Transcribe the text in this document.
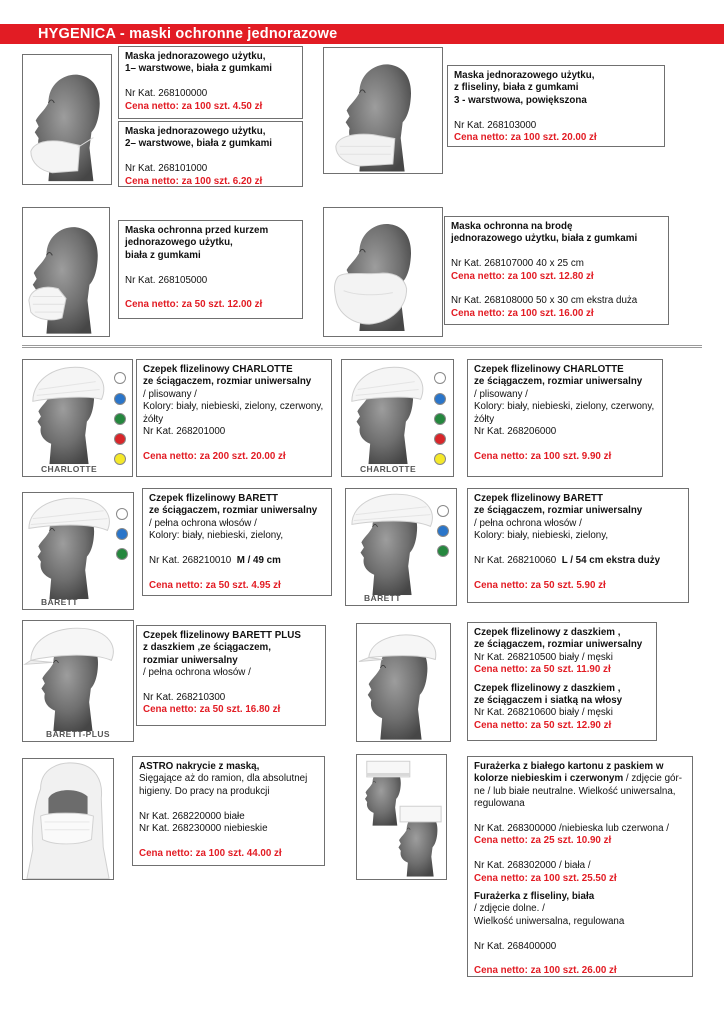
HYGENICA - maski ochronne jednorazowe
Maska jednorazowego użytku,
1– warstwowe, biała z gumkami
Nr Kat. 268100000
Cena netto: za 100 szt. 4.50 zł
Maska jednorazowego użytku,
2– warstwowe, biała z gumkami
Nr Kat. 268101000
Cena netto: za 100 szt. 6.20 zł
Maska jednorazowego użytku,
z fliseliny, biała z gumkami
3 - warstwowa, powiększona
Nr Kat. 268103000
Cena netto: za 100 szt. 20.00 zł
Maska ochronna przed kurzem
jednorazowego użytku,
biała z gumkami
Nr Kat. 268105000
Cena netto: za 50 szt. 12.00 zł
Maska ochronna na brodę
jednorazowego użytku, biała z gumkami
Nr Kat. 268107000 40 x 25 cm
Cena netto: za 100 szt. 12.80 zł
Nr Kat. 268108000 50 x 30 cm ekstra duża
Cena netto: za 100 szt. 16.00 zł
CHARLOTTE
Czepek flizelinowy CHARLOTTE
ze ściągaczem, rozmiar uniwersalny
/ plisowany /
Kolory: biały, niebieski, zielony, czerwony,
żółty
Nr Kat. 268201000
Cena netto: za 200 szt. 20.00 zł
CHARLOTTE
Czepek flizelinowy CHARLOTTE
ze ściągaczem, rozmiar uniwersalny
/ plisowany /
Kolory: biały, niebieski, zielony, czerwony,
żółty
Nr Kat. 268206000
Cena netto: za 100 szt. 9.90 zł
BARETT
Czepek flizelinowy BARETT
ze ściągaczem, rozmiar uniwersalny
/ pełna ochrona włosów /
Kolory: biały, niebieski, zielony,
Nr Kat. 268210010 M / 49 cm
Cena netto: za 50 szt. 4.95 zł
BARETT
Czepek flizelinowy BARETT
ze ściągaczem, rozmiar uniwersalny
/ pełna ochrona włosów /
Kolory: biały, niebieski, zielony,
Nr Kat. 268210060 L / 54 cm ekstra duży
Cena netto: za 50 szt. 5.90 zł
BARETT-PLUS
Czepek flizelinowy BARETT PLUS
z daszkiem ,ze ściągaczem,
rozmiar uniwersalny
/ pełna ochrona włosów /
Nr Kat. 268210300
Cena netto: za 50 szt. 16.80 zł
Czepek flizelinowy z daszkiem ,
ze ściągaczem, rozmiar uniwersalny
Nr Kat. 268210500 biały / męski
Cena netto: za 50 szt. 11.90 zł
Czepek flizelinowy z daszkiem ,
ze ściągaczem i siatką na włosy
Nr Kat. 268210600 biały / męski
Cena netto: za 50 szt. 12.90 zł
ASTRO nakrycie z maską,
Sięgające aż do ramion, dla absolutnej
higieny. Do pracy na produkcji
Nr Kat. 268220000 białe
Nr Kat. 268230000 niebieskie
Cena netto: za 100 szt. 44.00 zł
Furażerka z białego kartonu z paskiem w
kolorze niebieskim i czerwonym / zdjęcie gór-
ne / lub białe neutralne. Wielkość uniwersalna,
regulowana
Nr Kat. 268300000 /niebieska lub czerwona /
Cena netto: za 25 szt. 10.90 zł
Nr Kat. 268302000 / biała /
Cena netto: za 100 szt. 25.50 zł
Furażerka z fliseliny, biała
/ zdjęcie dolne. /
Wielkość uniwersalna, regulowana
Nr Kat. 268400000
Cena netto: za 100 szt. 26.00 zł
